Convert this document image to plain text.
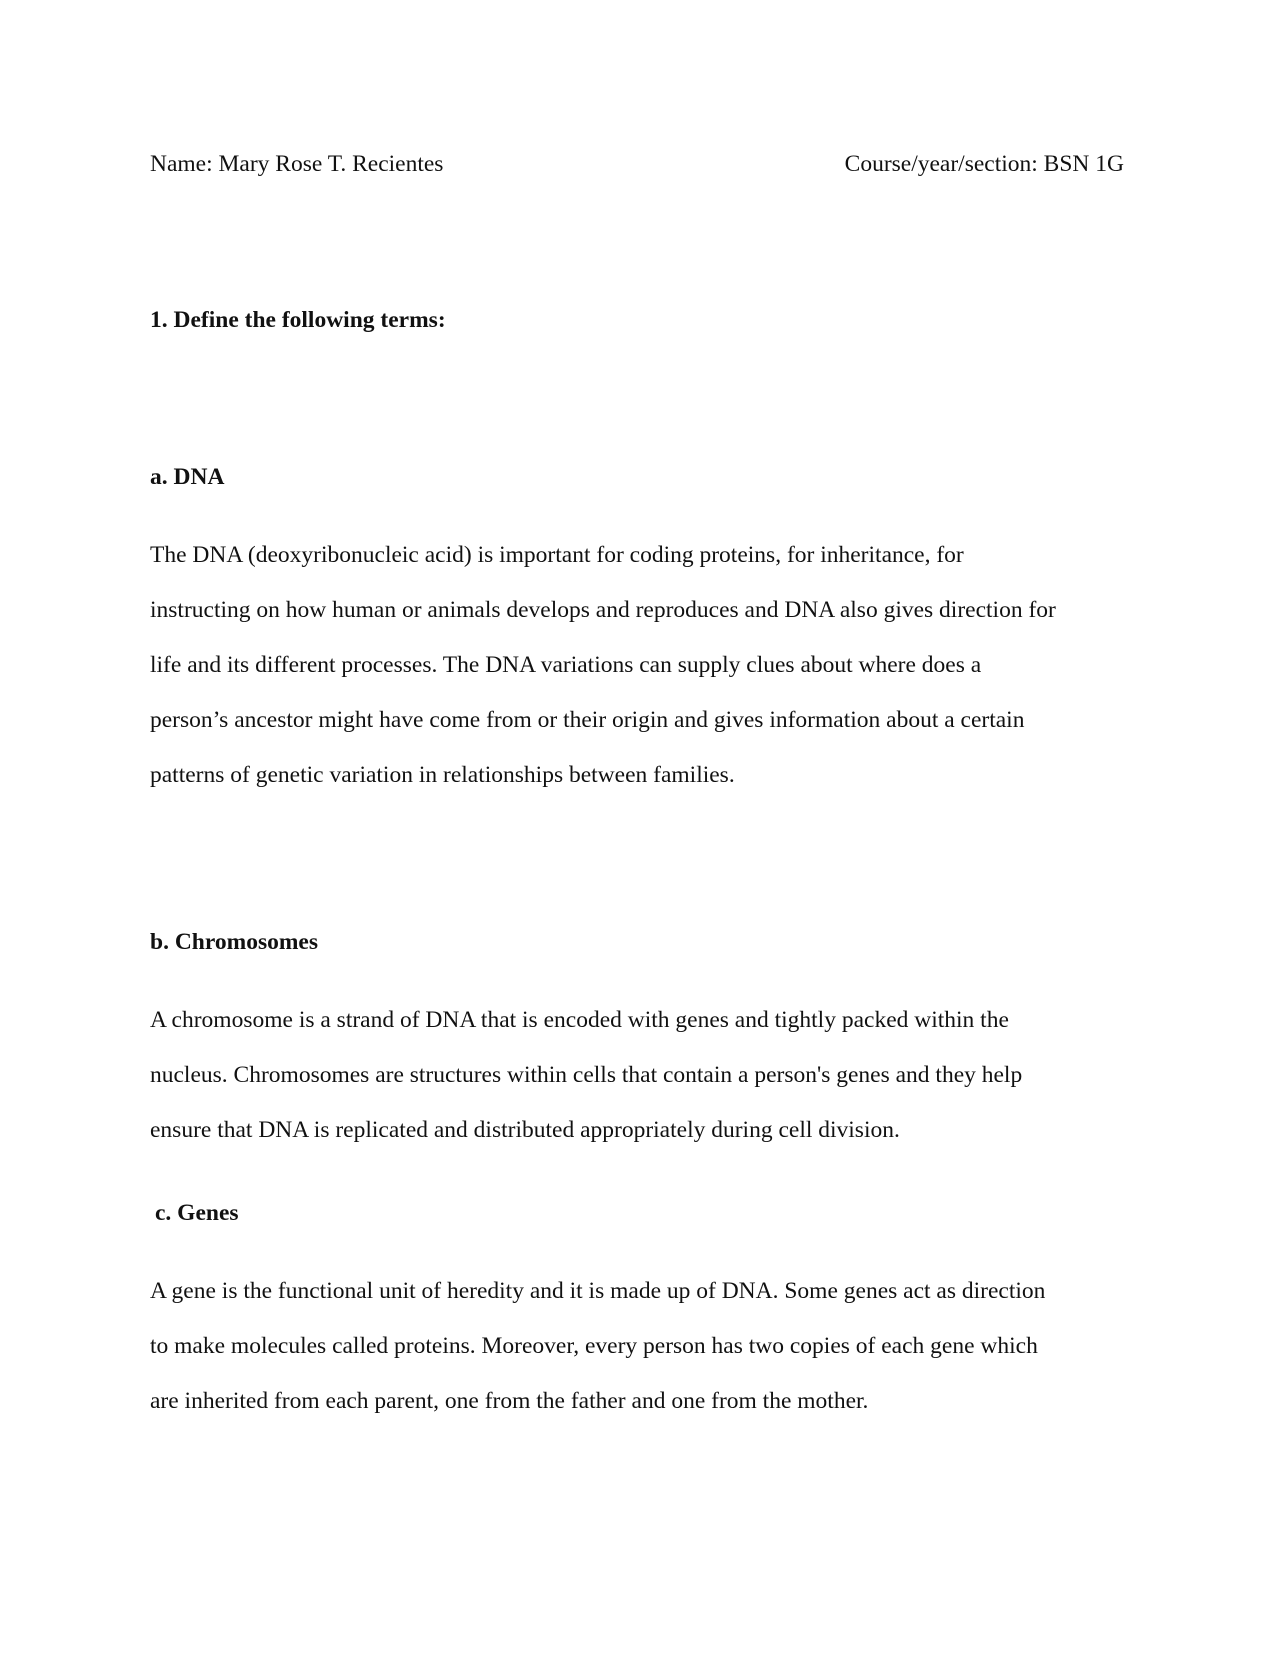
Name: Mary Rose T. Recientes	Course/year/section: BSN 1G
1. Define the following terms:
a. DNA
The DNA (deoxyribonucleic acid) is important for coding proteins, for inheritance, for
instructing on how human or animals develops and reproduces and DNA also gives direction for
life and its different processes. The DNA variations can supply clues about where does a
person’s ancestor might have come from or their origin and gives information about a certain
patterns of genetic variation in relationships between families.
b. Chromosomes
A chromosome is a strand of DNA that is encoded with genes and tightly packed within the
nucleus. Chromosomes are structures within cells that contain a person's genes and they help
ensure that DNA is replicated and distributed appropriately during cell division.
c. Genes
A gene is the functional unit of heredity and it is made up of DNA. Some genes act as direction
to make molecules called proteins. Moreover, every person has two copies of each gene which
are inherited from each parent, one from the father and one from the mother.
